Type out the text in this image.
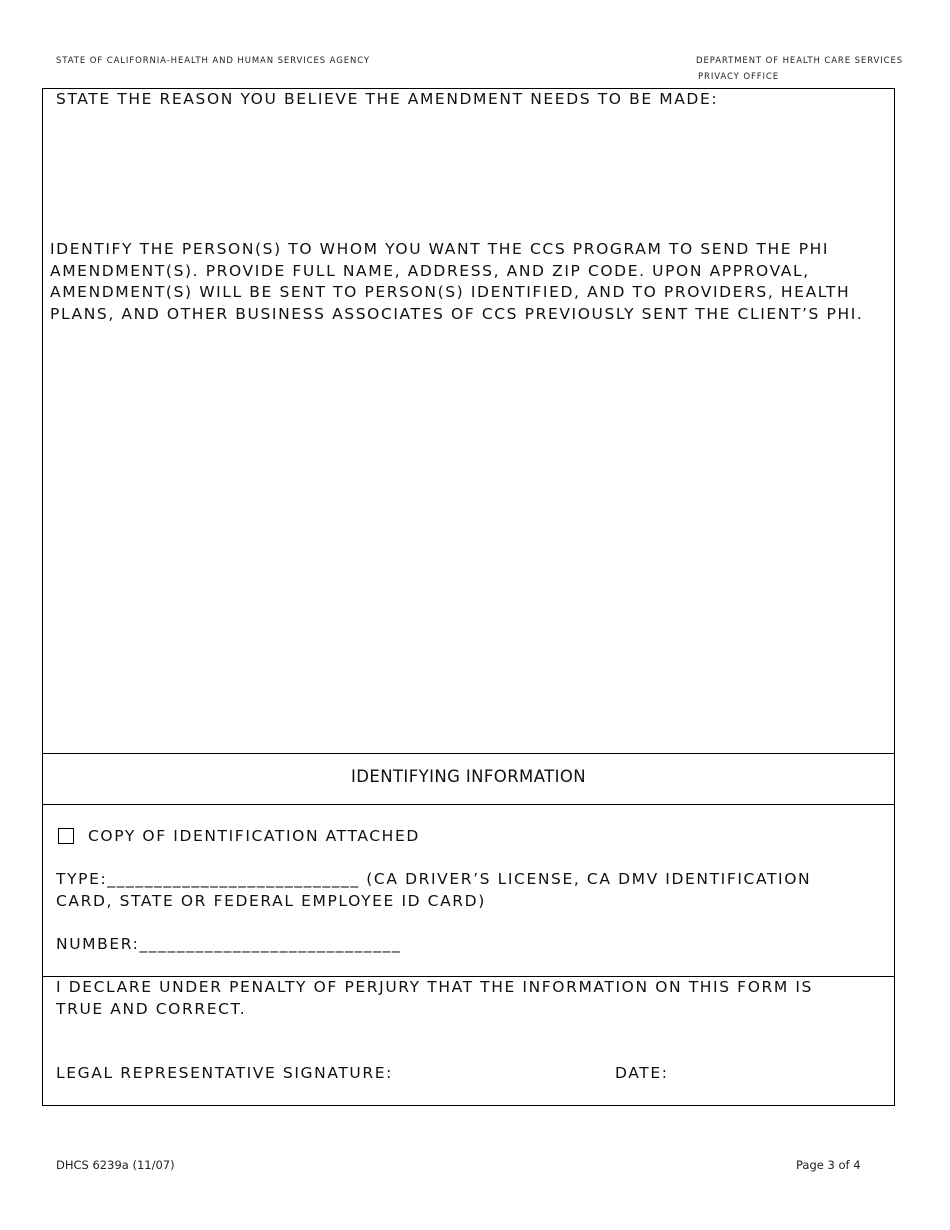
STATE OF CALIFORNIA-HEALTH AND HUMAN SERVICES AGENCY	DEPARTMENT OF HEALTH CARE SERVICES
PRIVACY OFFICE
STATE THE REASON YOU BELIEVE THE AMENDMENT NEEDS TO BE MADE:
IDENTIFY THE PERSON(S) TO WHOM YOU WANT THE CCS PROGRAM TO SEND THE PHI
AMENDMENT(S). PROVIDE FULL NAME, ADDRESS, AND ZIP CODE. UPON APPROVAL,
AMENDMENT(S) WILL BE SENT TO PERSON(S) IDENTIFIED, AND TO PROVIDERS, HEALTH
PLANS, AND OTHER BUSINESS ASSOCIATES OF CCS PREVIOUSLY SENT THE CLIENT’S PHI.
IDENTIFYING INFORMATION
COPY OF IDENTIFICATION ATTACHED
TYPE:___________________________ (CA DRIVER’S LICENSE, CA DMV IDENTIFICATION
CARD, STATE OR FEDERAL EMPLOYEE ID CARD)
NUMBER:____________________________
I DECLARE UNDER PENALTY OF PERJURY THAT THE INFORMATION ON THIS FORM IS
TRUE AND CORRECT.
LEGAL REPRESENTATIVE SIGNATURE:	DATE:
DHCS 6239a (11/07)	Page 3 of 4
